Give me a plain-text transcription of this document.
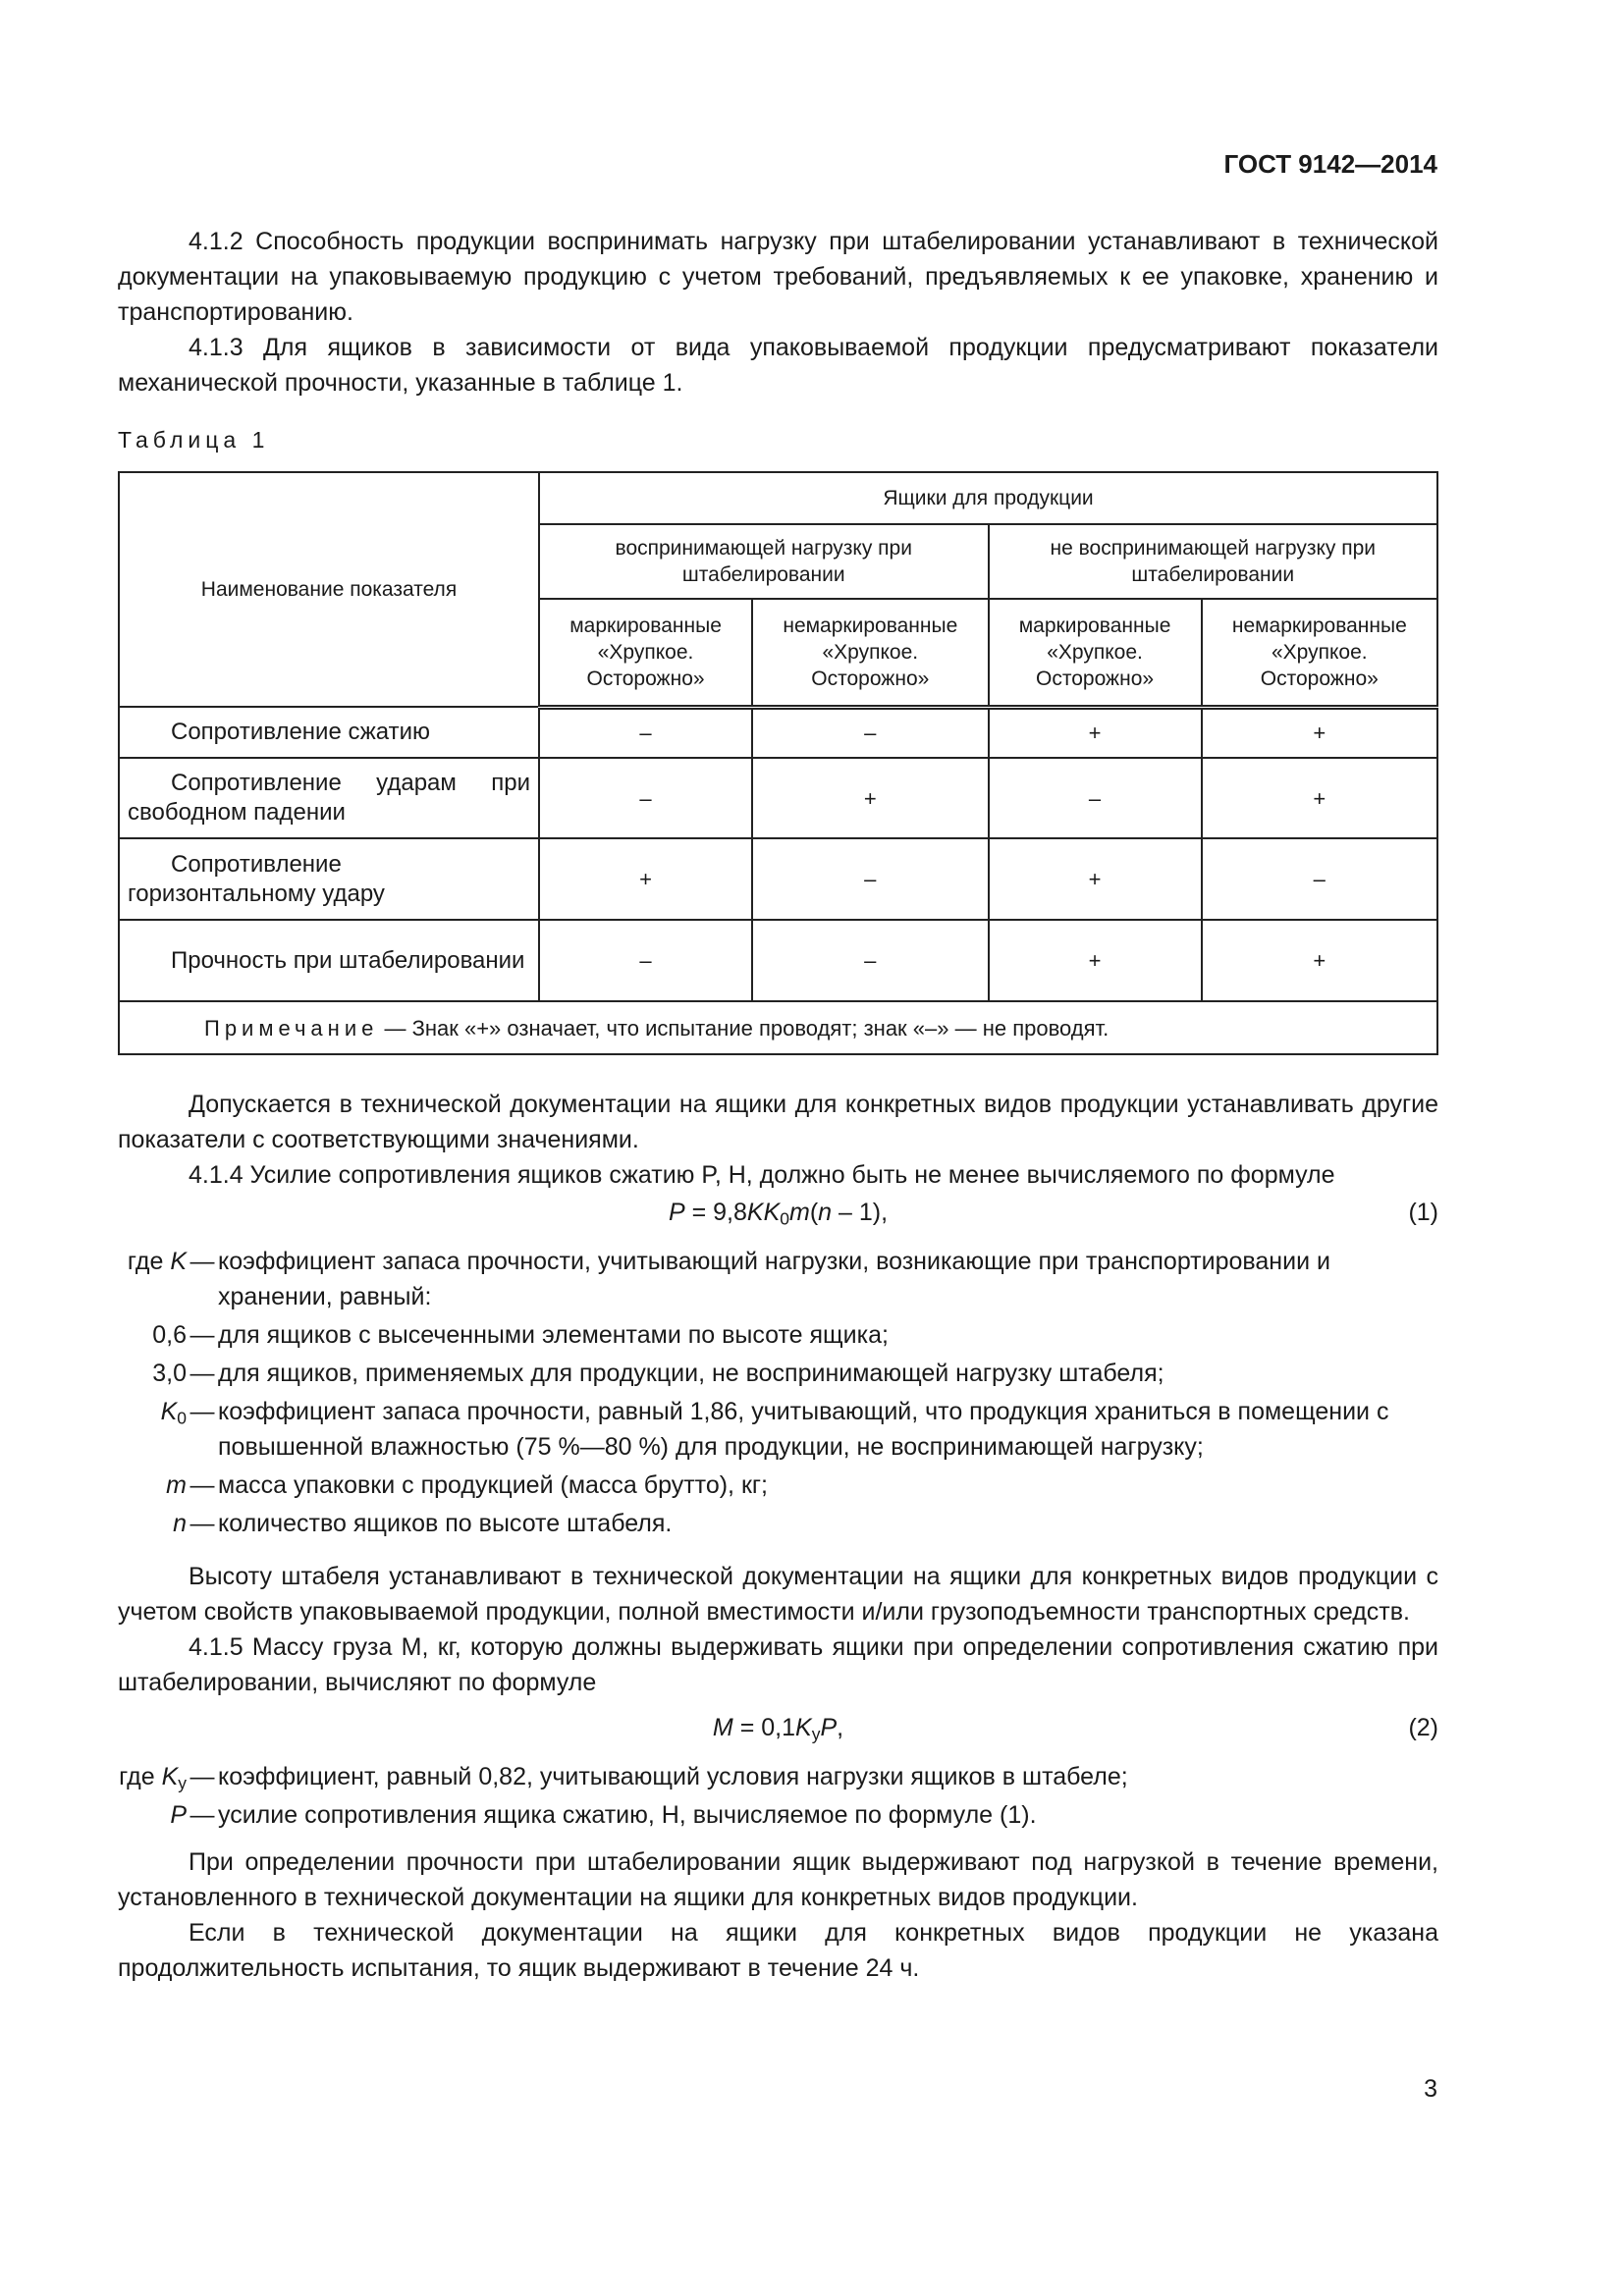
ГОСТ 9142—2014

4.1.2 Способность продукции воспринимать нагрузку при штабелировании устанавливают в технической документации на упаковываемую продукцию с учетом требований, предъявляемых к ее упаковке, хранению и транспортированию.

4.1.3 Для ящиков в зависимости от вида упаковываемой продукции предусматривают показатели механической прочности, указанные в таблице 1.

Таблица 1
Наименование показателя	Ящики для продукции			
	воспринимающей нагрузку при штабелировании		не воспринимающей нагрузку при штабелировании	
	маркированные «Хрупкое. Осторожно»	немаркированные «Хрупкое. Осторожно»	маркированные «Хрупкое. Осторожно»	немаркированные «Хрупкое. Осторожно»
Сопротивление сжатию	–	–	+	+
Сопротивление ударам при свободном падении	–	+	–	+
Сопротивление горизонтальному удару	+	–	+	–
Прочность при штабелировании	–	–	+	+
Примечание — Знак «+» означает, что испытание проводят; знак «–» — не проводят.				

Допускается в технической документации на ящики для конкретных видов продукции устанавливать другие показатели с соответствующими значениями.

4.1.4 Усилие сопротивления ящиков сжатию P, Н, должно быть не менее вычисляемого по формуле

$P = 9,8KK_0m(n - 1)$,	(1)
где K — коэффициент запаса прочности, учитывающий нагрузки, возникающие при транспортировании и хранении, равный:
0,6 — для ящиков с высеченными элементами по высоте ящика;
3,0 — для ящиков, применяемых для продукции, не воспринимающей нагрузку штабеля;
$K_0$ — коэффициент запаса прочности, равный 1,86, учитывающий, что продукция храниться в помещении с повышенной влажностью (75 %—80 %) для продукции, не воспринимающей нагрузку;
m — масса упаковки с продукцией (масса брутто), кг;
n — количество ящиков по высоте штабеля.

Высоту штабеля устанавливают в технической документации на ящики для конкретных видов продукции с учетом свойств упаковываемой продукции, полной вместимости и/или грузоподъемности транспортных средств.

4.1.5 Массу груза M, кг, которую должны выдерживать ящики при определении сопротивления сжатию при штабелировании, вычисляют по формуле

$M = 0,1K_уP$,	(2)
где $K_у$ — коэффициент, равный 0,82, учитывающий условия нагрузки ящиков в штабеле;
P — усилие сопротивления ящика сжатию, Н, вычисляемое по формуле (1).

При определении прочности при штабелировании ящик выдерживают под нагрузкой в течение времени, установленного в технической документации на ящики для конкретных видов продукции.

Если в технической документации на ящики для конкретных видов продукции не указана продолжительность испытания, то ящик выдерживают в течение 24 ч.

3
